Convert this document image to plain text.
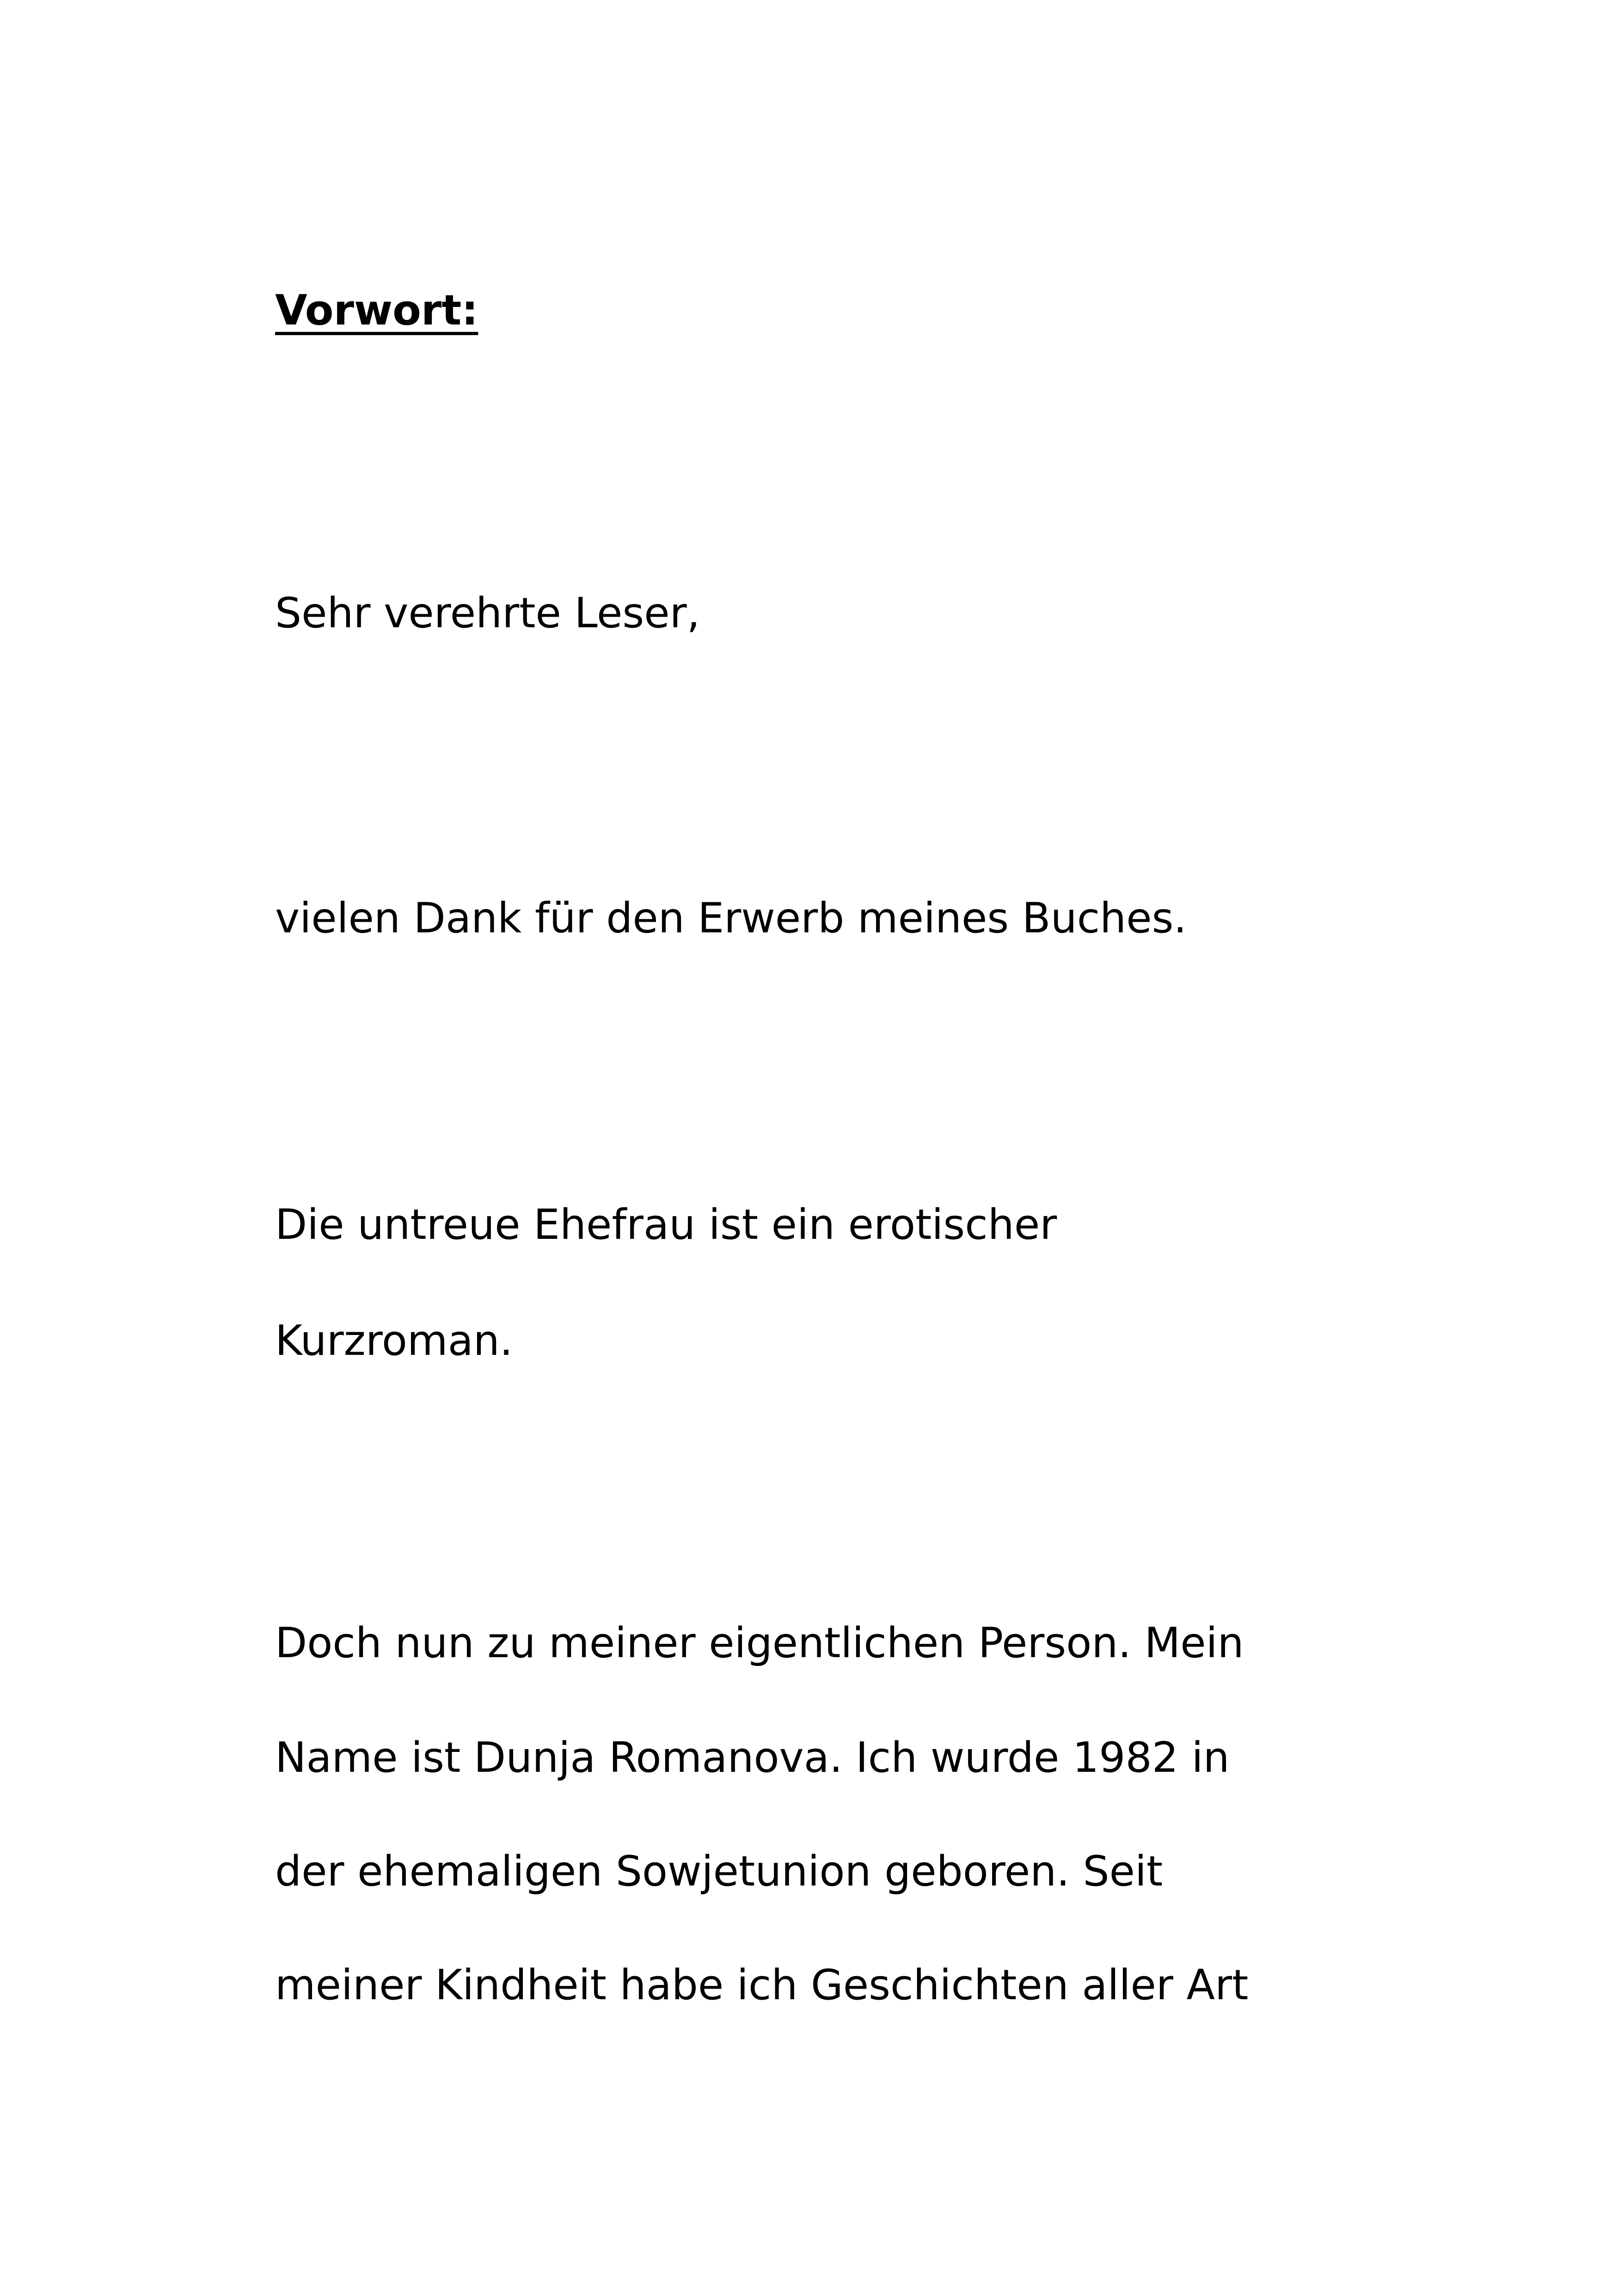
Vorwort:

Sehr verehrte Leser,

vielen Dank für den Erwerb meines Buches.

Die untreue Ehefrau ist ein erotischer

Kurzroman.

Doch nun zu meiner eigentlichen Person. Mein

Name ist Dunja Romanova. Ich wurde 1982 in

der ehemaligen Sowjetunion geboren. Seit

meiner Kindheit habe ich Geschichten aller Art
